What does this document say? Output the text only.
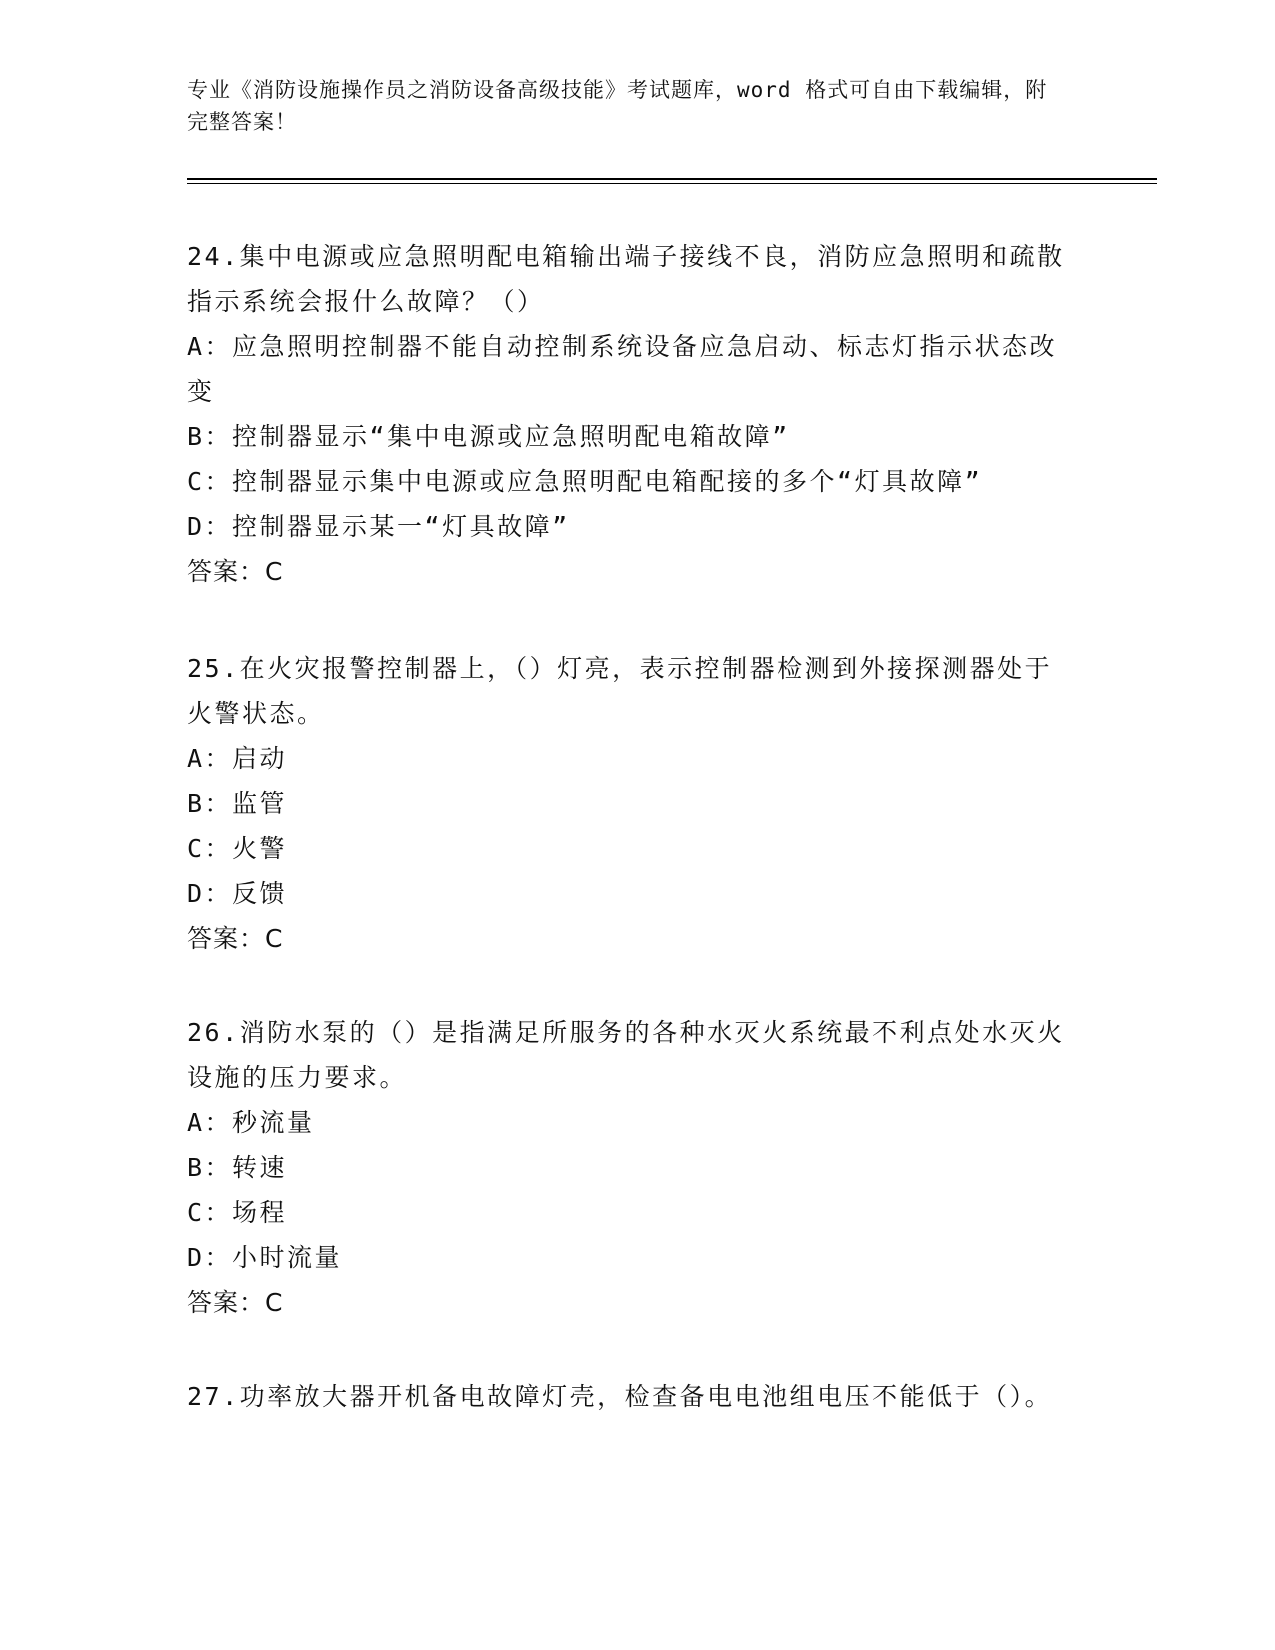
专业《消防设施操作员之消防设备高级技能》考试题库，word 格式可自由下载编辑，附完整答案！

24.集中电源或应急照明配电箱输出端子接线不良，消防应急照明和疏散指示系统会报什么故障？（）

A：应急照明控制器不能自动控制系统设备应急启动、标志灯指示状态改变

B：控制器显示“集中电源或应急照明配电箱故障”

C：控制器显示集中电源或应急照明配电箱配接的多个“灯具故障”

D：控制器显示某一“灯具故障”

答案：C

25.在火灾报警控制器上，（）灯亮，表示控制器检测到外接探测器处于火警状态。

A：启动

B：监管

C：火警

D：反馈

答案：C

26.消防水泵的（）是指满足所服务的各种水灭火系统最不利点处水灭火设施的压力要求。

A：秒流量

B：转速

C：场程

D：小时流量

答案：C

27.功率放大器开机备电故障灯壳，检查备电电池组电压不能低于（）。
